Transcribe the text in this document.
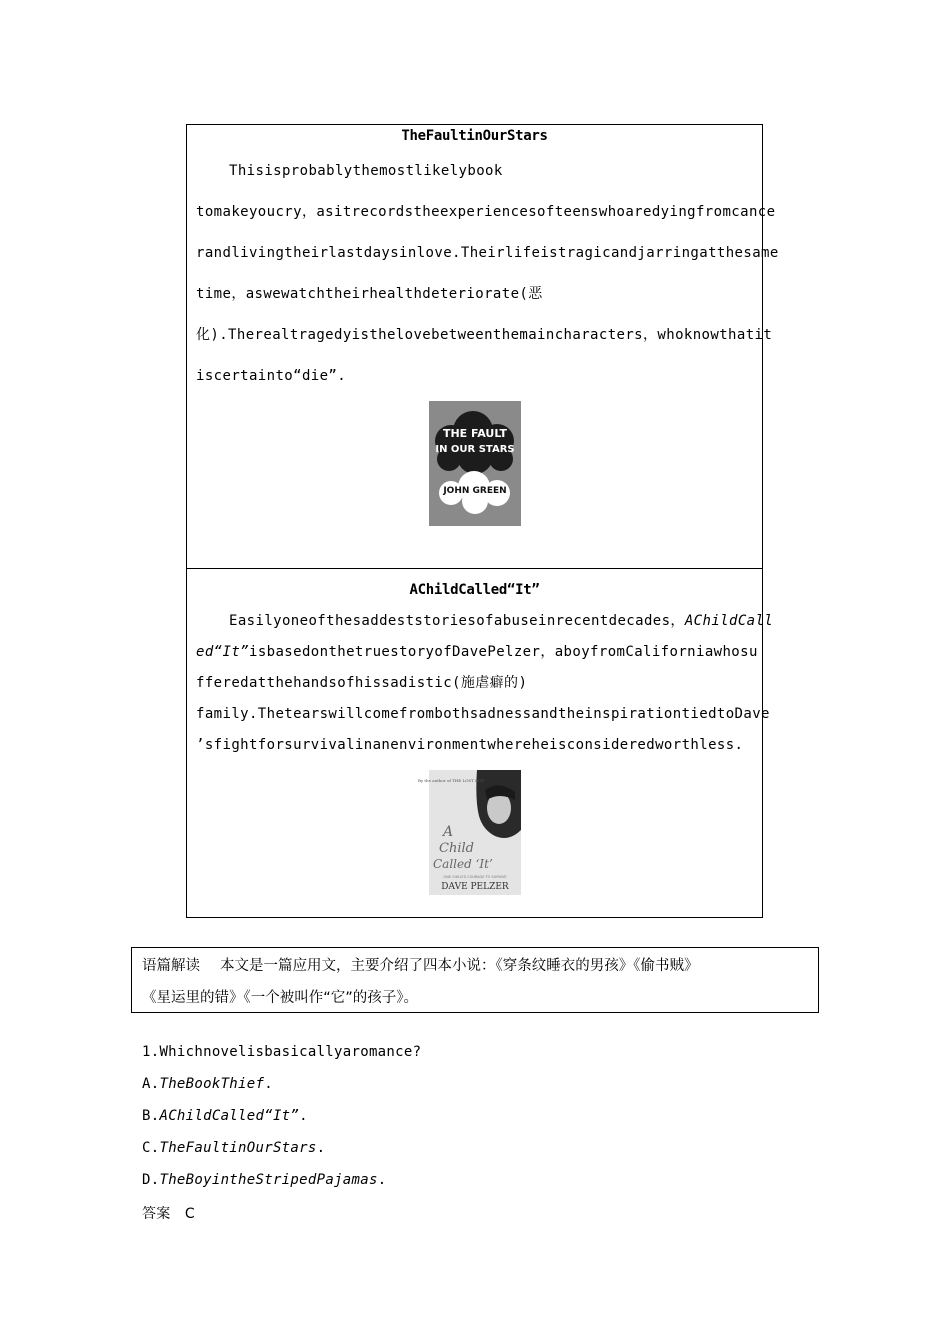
TheFaultinOurStars
Thisisprobablythemostlikelybook
tomakeyoucry，asitrecordstheexperiencesofteenswhoaredyingfromcance
randlivingtheirlastdaysinlove.Theirlifeistragicandjarringatthesame
time，aswewatchtheirhealthdeteriorate(恶
化).Therealtragedyisthelovebetweenthemaincharacters，whoknowthatit
iscertainto“die”.
THE FAULT
IN OUR STARS
JOHN GREEN
AChildCalled“It”
Easilyoneofthesaddeststoriesofabuseinrecentdecades，AChildCall
ed“It”isbasedonthetruestoryofDavePelzer，aboyfromCaliforniawhosu
fferedatthehandsofhissadistic(施虐癖的)
family.ThetearswillcomefrombothsadnessandtheinspirationtiedtoDave
’sfightforsurvivalinanenvironmentwhereheisconsideredworthless.
By the author of THE LOST BOY
A
Child
Called ‘It’
ONE CHILD'S COURAGE TO SURVIVE
DAVE PELZER
语篇解读 本文是一篇应用文，主要介绍了四本小说：《穿条纹睡衣的男孩》《偷书贼》
《星运里的错》《一个被叫作“它”的孩子》。
1.Whichnovelisbasicallyaromance?
A.TheBookThief.
B.AChildCalled“It”.
C.TheFaultinOurStars.
D.TheBoyintheStripedPajamas.
答案 C
